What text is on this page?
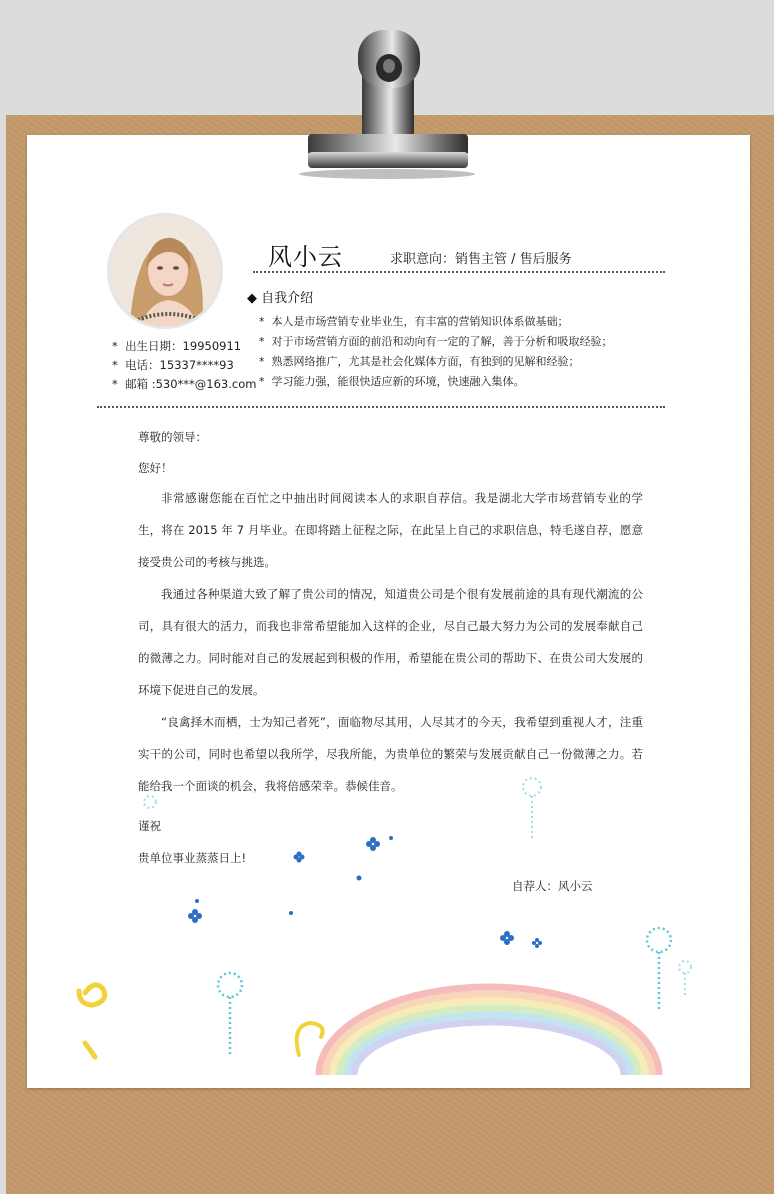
风小云	求职意向：销售主管 / 售后服务
◆ 自我介绍
*  本人是市场营销专业毕业生，有丰富的营销知识体系做基础；
*  对于市场营销方面的前沿和动向有一定的了解，善于分析和吸取经验；
*  熟悉网络推广，尤其是社会化媒体方面，有独到的见解和经验；
*  学习能力强，能很快适应新的环境，快速融入集体。
*  出生日期：19950911
*  电话：15337****93
*  邮箱 :530***@163.com
尊敬的领导：
您好！

非常感谢您能在百忙之中抽出时间阅读本人的求职自荐信。我是湖北大学市场营销专业的学生，将在 2015 年 7 月毕业。在即将踏上征程之际，在此呈上自己的求职信息，特毛遂自荐，愿意接受贵公司的考核与挑选。

我通过各种渠道大致了解了贵公司的情况，知道贵公司是个很有发展前途的具有现代潮流的公司，具有很大的活力，而我也非常希望能加入这样的企业，尽自己最大努力为公司的发展奉献自己的微薄之力。同时能对自己的发展起到积极的作用，希望能在贵公司的帮助下、在贵公司大发展的环境下促进自己的发展。

“良禽择木而栖，士为知己者死”，面临物尽其用，人尽其才的今天，我希望到重视人才，注重实干的公司，同时也希望以我所学，尽我所能，为贵单位的繁荣与发展贡献自己一份微薄之力。若能给我一个面谈的机会，我将倍感荣幸。恭候佳音。

谨祝
贵单位事业蒸蒸日上!
自荐人：风小云
